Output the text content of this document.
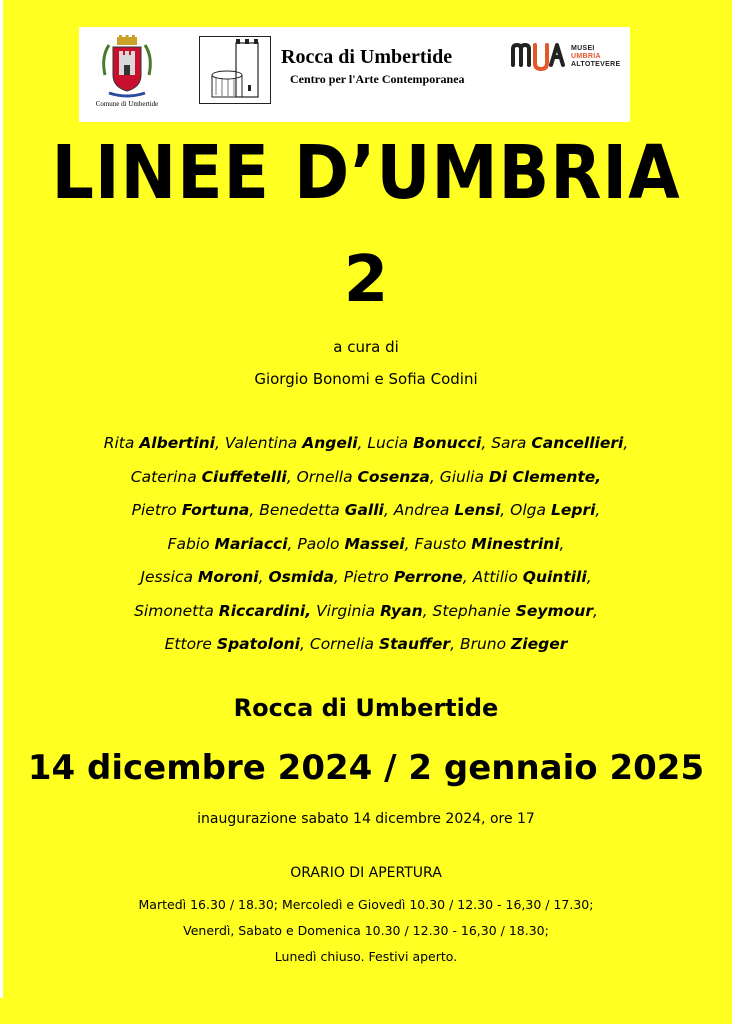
Comune di Umbertide
Rocca di Umbertide
Centro per l'Arte Contemporanea
MUSEI
UMBRIA
ALTOTEVERE
LINEE D’UMBRIA
2
a cura di
Giorgio Bonomi e Sofia Codini
Rita Albertini, Valentina Angeli, Lucia Bonucci, Sara Cancellieri,
Caterina Ciuffetelli, Ornella Cosenza, Giulia Di Clemente,
Pietro Fortuna, Benedetta Galli, Andrea Lensi, Olga Lepri,
Fabio Mariacci, Paolo Massei, Fausto Minestrini,
Jessica Moroni, Osmida, Pietro Perrone, Attilio Quintili,
Simonetta Riccardini, Virginia Ryan, Stephanie Seymour,
Ettore Spatoloni, Cornelia Stauffer, Bruno Zieger
Rocca di Umbertide
14 dicembre 2024 / 2 gennaio 2025
inaugurazione sabato 14 dicembre 2024, ore 17
ORARIO DI APERTURA
Martedì 16.30 / 18.30; Mercoledì e Giovedì 10.30 / 12.30 - 16,30 / 17.30;
Venerdì, Sabato e Domenica 10.30 / 12.30 - 16,30 / 18.30;
Lunedì chiuso. Festivi aperto.
